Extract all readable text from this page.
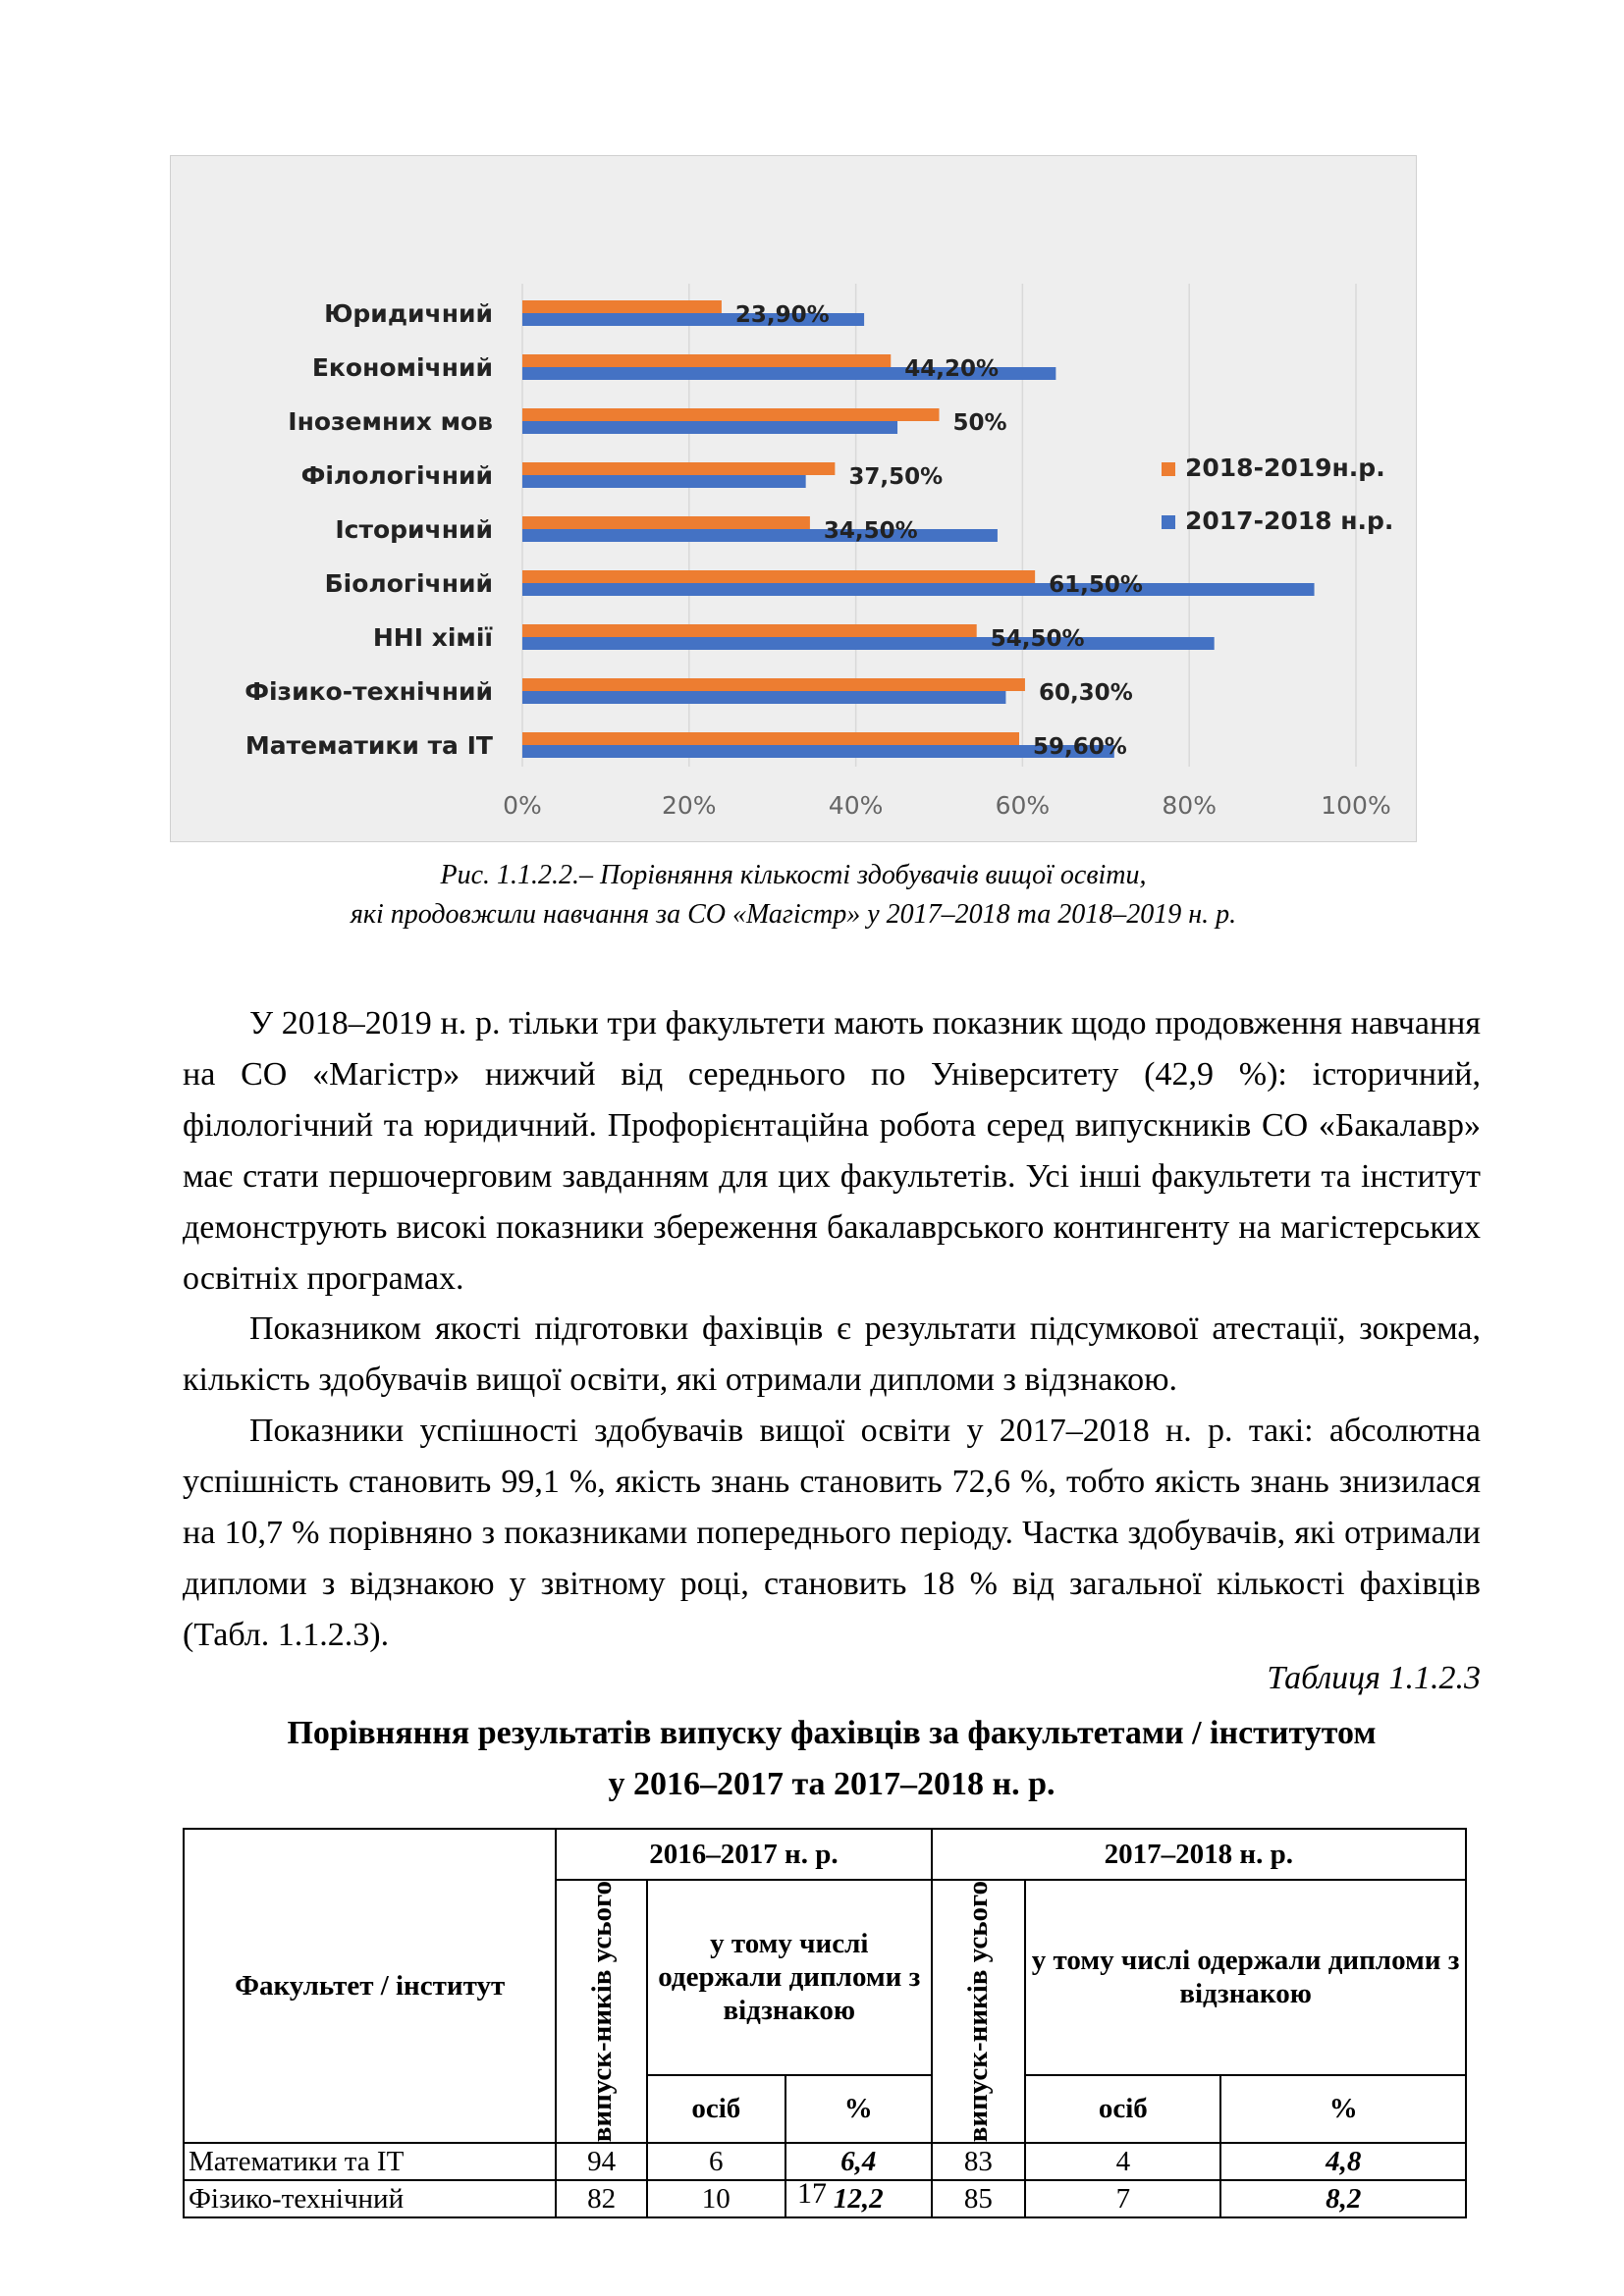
0%	20%	40%	60%	80%	100%
Юридичний	23,90%
Економічний	44,20%
Іноземних мов	50%
Філологічний	37,50%
Історичний	34,50%
Біологічний	61,50%
ННІ хімії	54,50%
Фізико-технічний	60,30%
Математики та ІТ	59,60%
2018-2019н.р.
2017-2018 н.р.
Рис. 1.1.2.2.– Порівняння кількості здобувачів вищої освіти,
які продовжили навчання за СО «Магістр» у 2017–2018 та 2018–2019 н. р.

У 2018–2019 н. р. тільки три факультети мають показник щодо продовження навчання на СО «Магістр» нижчий від середнього по Університету (42,9 %): історичний, філологічний та юридичний. Профорієнтаційна робота серед випускників СО «Бакалавр» має стати першочерговим завданням для цих факультетів. Усі інші факультети та інститут демонструють високі показники збереження бакалаврського контингенту на магістерських освітніх програмах.

Показником якості підготовки фахівців є результати підсумкової атестації, зокрема, кількість здобувачів вищої освіти, які отримали дипломи з відзнакою.

Показники успішності здобувачів вищої освіти у 2017–2018 н. р. такі: абсолютна успішність становить 99,1 %, якість знань становить 72,6 %, тобто якість знань знизилася на 10,7 % порівняно з показниками попереднього періоду. Частка здобувачів, які отримали дипломи з відзнакою у звітному році, становить 18 % від загальної кількості фахівців (Табл. 1.1.2.3).

Таблиця 1.1.2.3
Порівняння результатів випуску фахівців за факультетами / інститутом
у 2016–2017 та 2017–2018 н. р.
Факультет / інститут	2016–2017 н. р.			2017–2018 н. р.		

	випуск-ників усього	у тому числі одержали дипломи з відзнакою		випуск-ників усього	у тому числі одержали дипломи з відзнакою	
		осіб	%		осіб	%
Математики та ІТ	94	6	6,4	83	4	4,8
Фізико-технічний	82	10	12,2	85	7	8,2
17
